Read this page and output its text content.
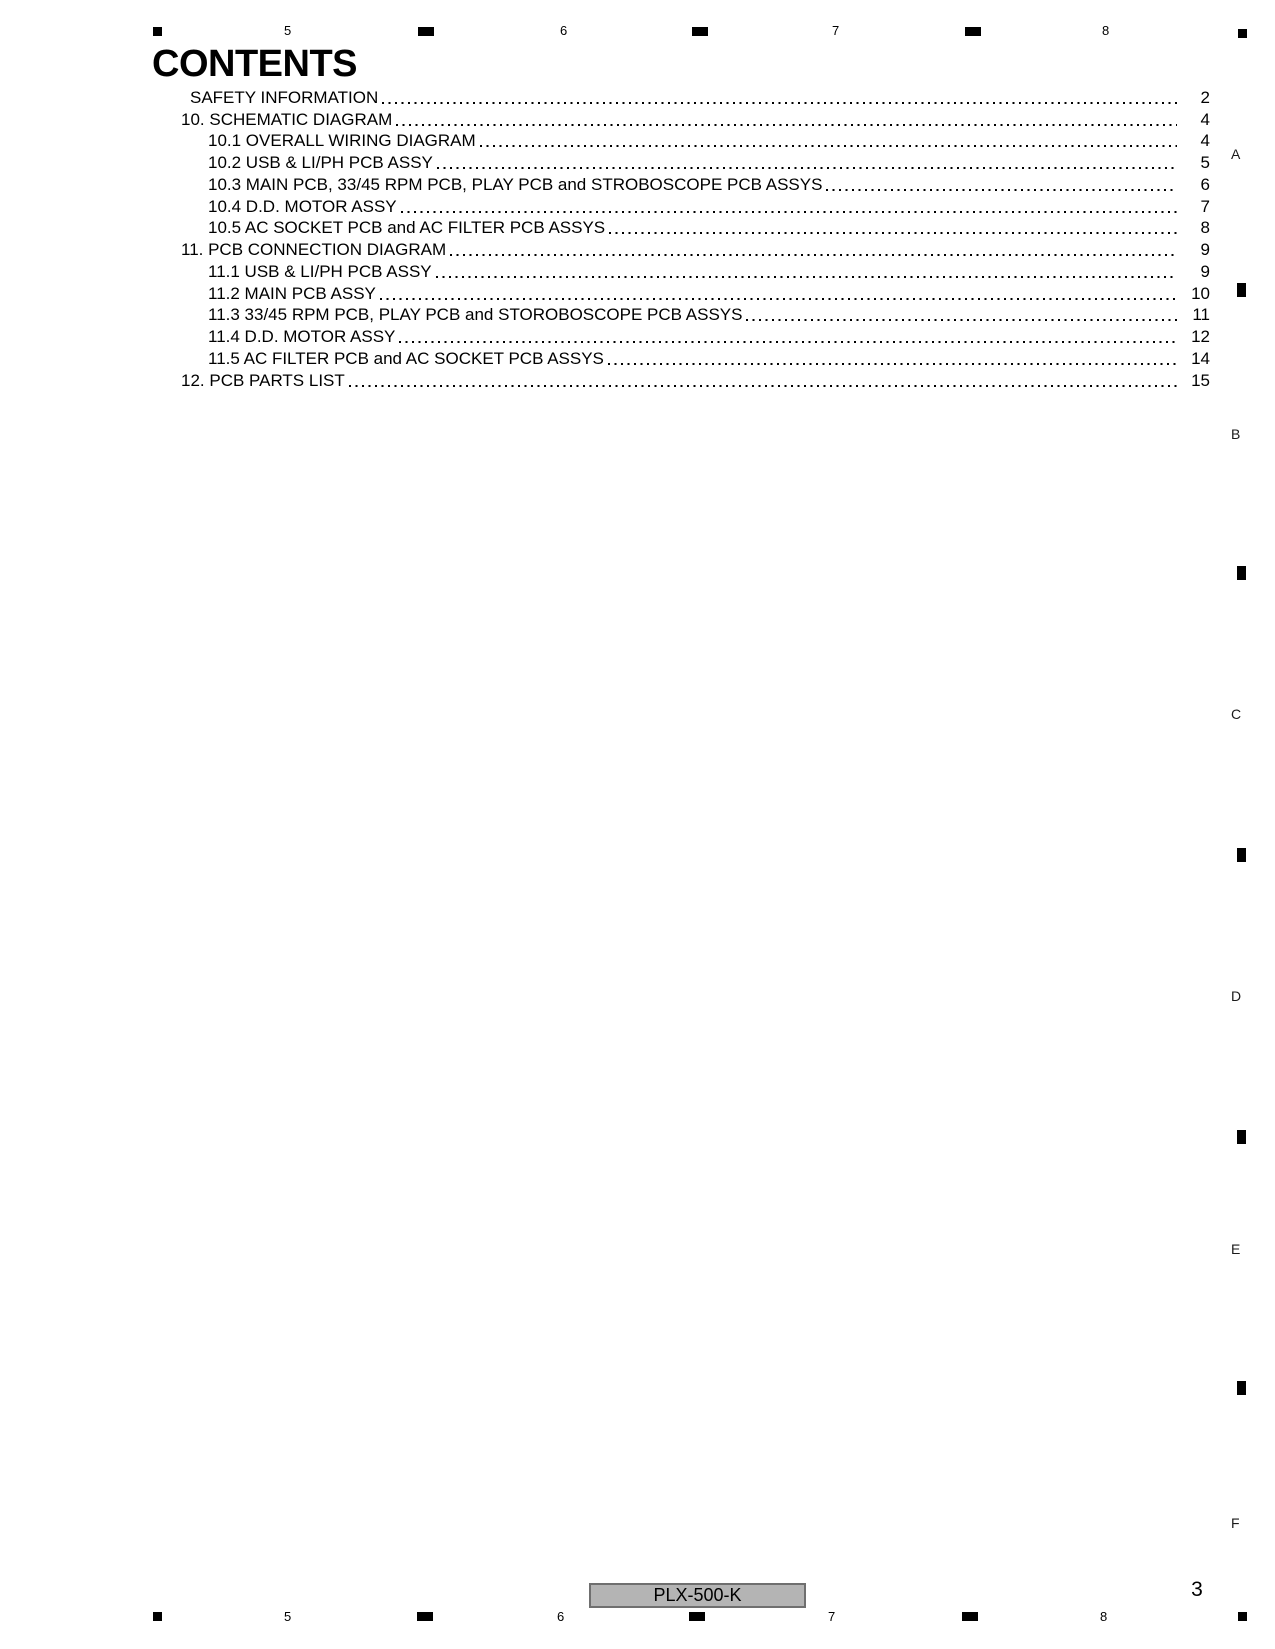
5	6	7	8
A
B
C
D
E
F
CONTENTS
SAFETY INFORMATION	2
10. SCHEMATIC DIAGRAM	4
10.1 OVERALL WIRING DIAGRAM	4
10.2 USB & LI/PH PCB ASSY	5
10.3 MAIN PCB, 33/45 RPM PCB, PLAY PCB and STROBOSCOPE PCB ASSYS	6
10.4 D.D. MOTOR ASSY	7
10.5 AC SOCKET PCB and AC FILTER PCB ASSYS	8
11. PCB CONNECTION DIAGRAM	9
11.1 USB & LI/PH PCB ASSY	9
11.2 MAIN PCB ASSY	10
11.3 33/45 RPM PCB, PLAY PCB and STOROBOSCOPE PCB ASSYS	11
11.4 D.D. MOTOR ASSY	12
11.5 AC FILTER PCB and AC SOCKET PCB ASSYS	14
12. PCB PARTS LIST	15
PLX-500-K	3
5	6	7	8
